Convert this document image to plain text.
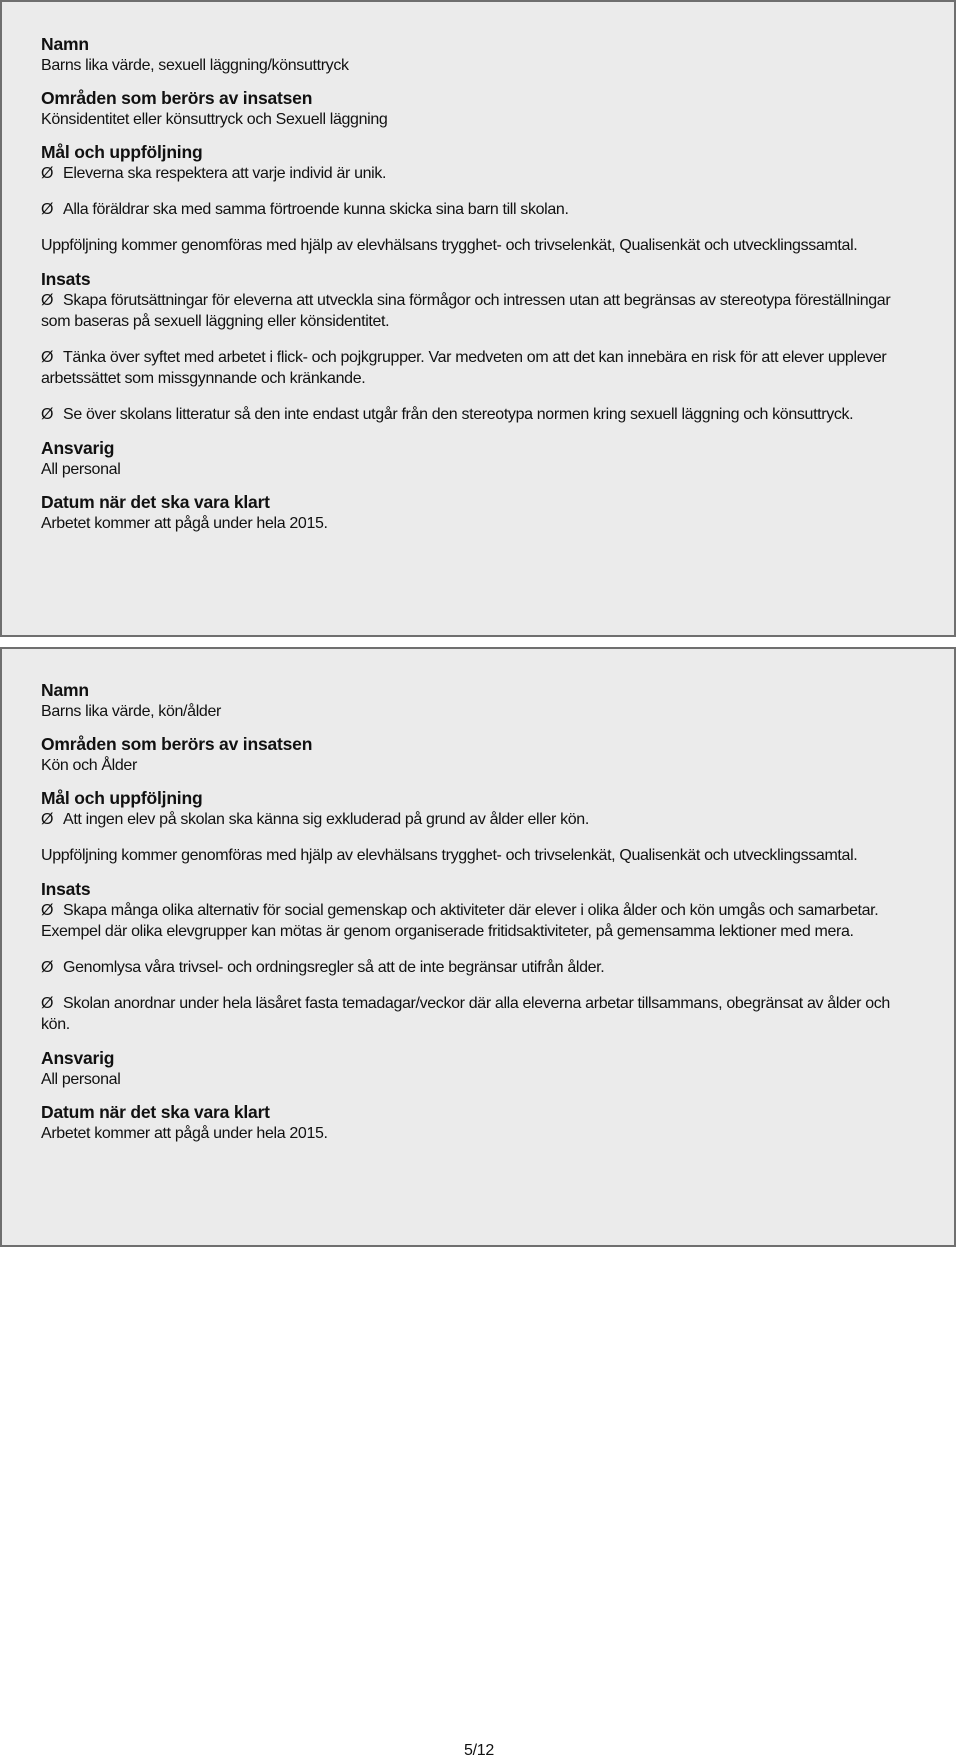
Namn

Barns lika värde, sexuell läggning/könsuttryck

Områden som berörs av insatsen

Könsidentitet eller könsuttryck och Sexuell läggning

Mål och uppföljning

Ø Eleverna ska respektera att varje individ är unik.

Ø Alla föräldrar ska med samma förtroende kunna skicka sina barn till skolan.

Uppföljning kommer genomföras med hjälp av elevhälsans trygghet- och trivselenkät, Qualisenkät och utvecklingssamtal.

Insats

Ø Skapa förutsättningar för eleverna att utveckla sina förmågor och intressen utan att begränsas av stereotypa föreställningar som baseras på sexuell läggning eller könsidentitet.

Ø Tänka över syftet med arbetet i flick- och pojkgrupper. Var medveten om att det kan innebära en risk för att elever upplever arbetssättet som missgynnande och kränkande.

Ø Se över skolans litteratur så den inte endast utgår från den stereotypa normen kring sexuell läggning och könsuttryck.

Ansvarig

All personal

Datum när det ska vara klart

Arbetet kommer att pågå under hela 2015.

Namn

Barns lika värde, kön/ålder

Områden som berörs av insatsen

Kön och Ålder

Mål och uppföljning

Ø Att ingen elev på skolan ska känna sig exkluderad på grund av ålder eller kön.

Uppföljning kommer genomföras med hjälp av elevhälsans trygghet- och trivselenkät, Qualisenkät och utvecklingssamtal.

Insats

Ø Skapa många olika alternativ för social gemenskap och aktiviteter där elever i olika ålder och kön umgås och samarbetar. Exempel där olika elevgrupper kan mötas är genom organiserade fritidsaktiviteter, på gemensamma lektioner med mera.

Ø Genomlysa våra trivsel- och ordningsregler så att de inte begränsar utifrån ålder.

Ø Skolan anordnar under hela läsåret fasta temadagar/veckor där alla eleverna arbetar tillsammans, obegränsat av ålder och kön.

Ansvarig

All personal

Datum när det ska vara klart

Arbetet kommer att pågå under hela 2015.

5/12
